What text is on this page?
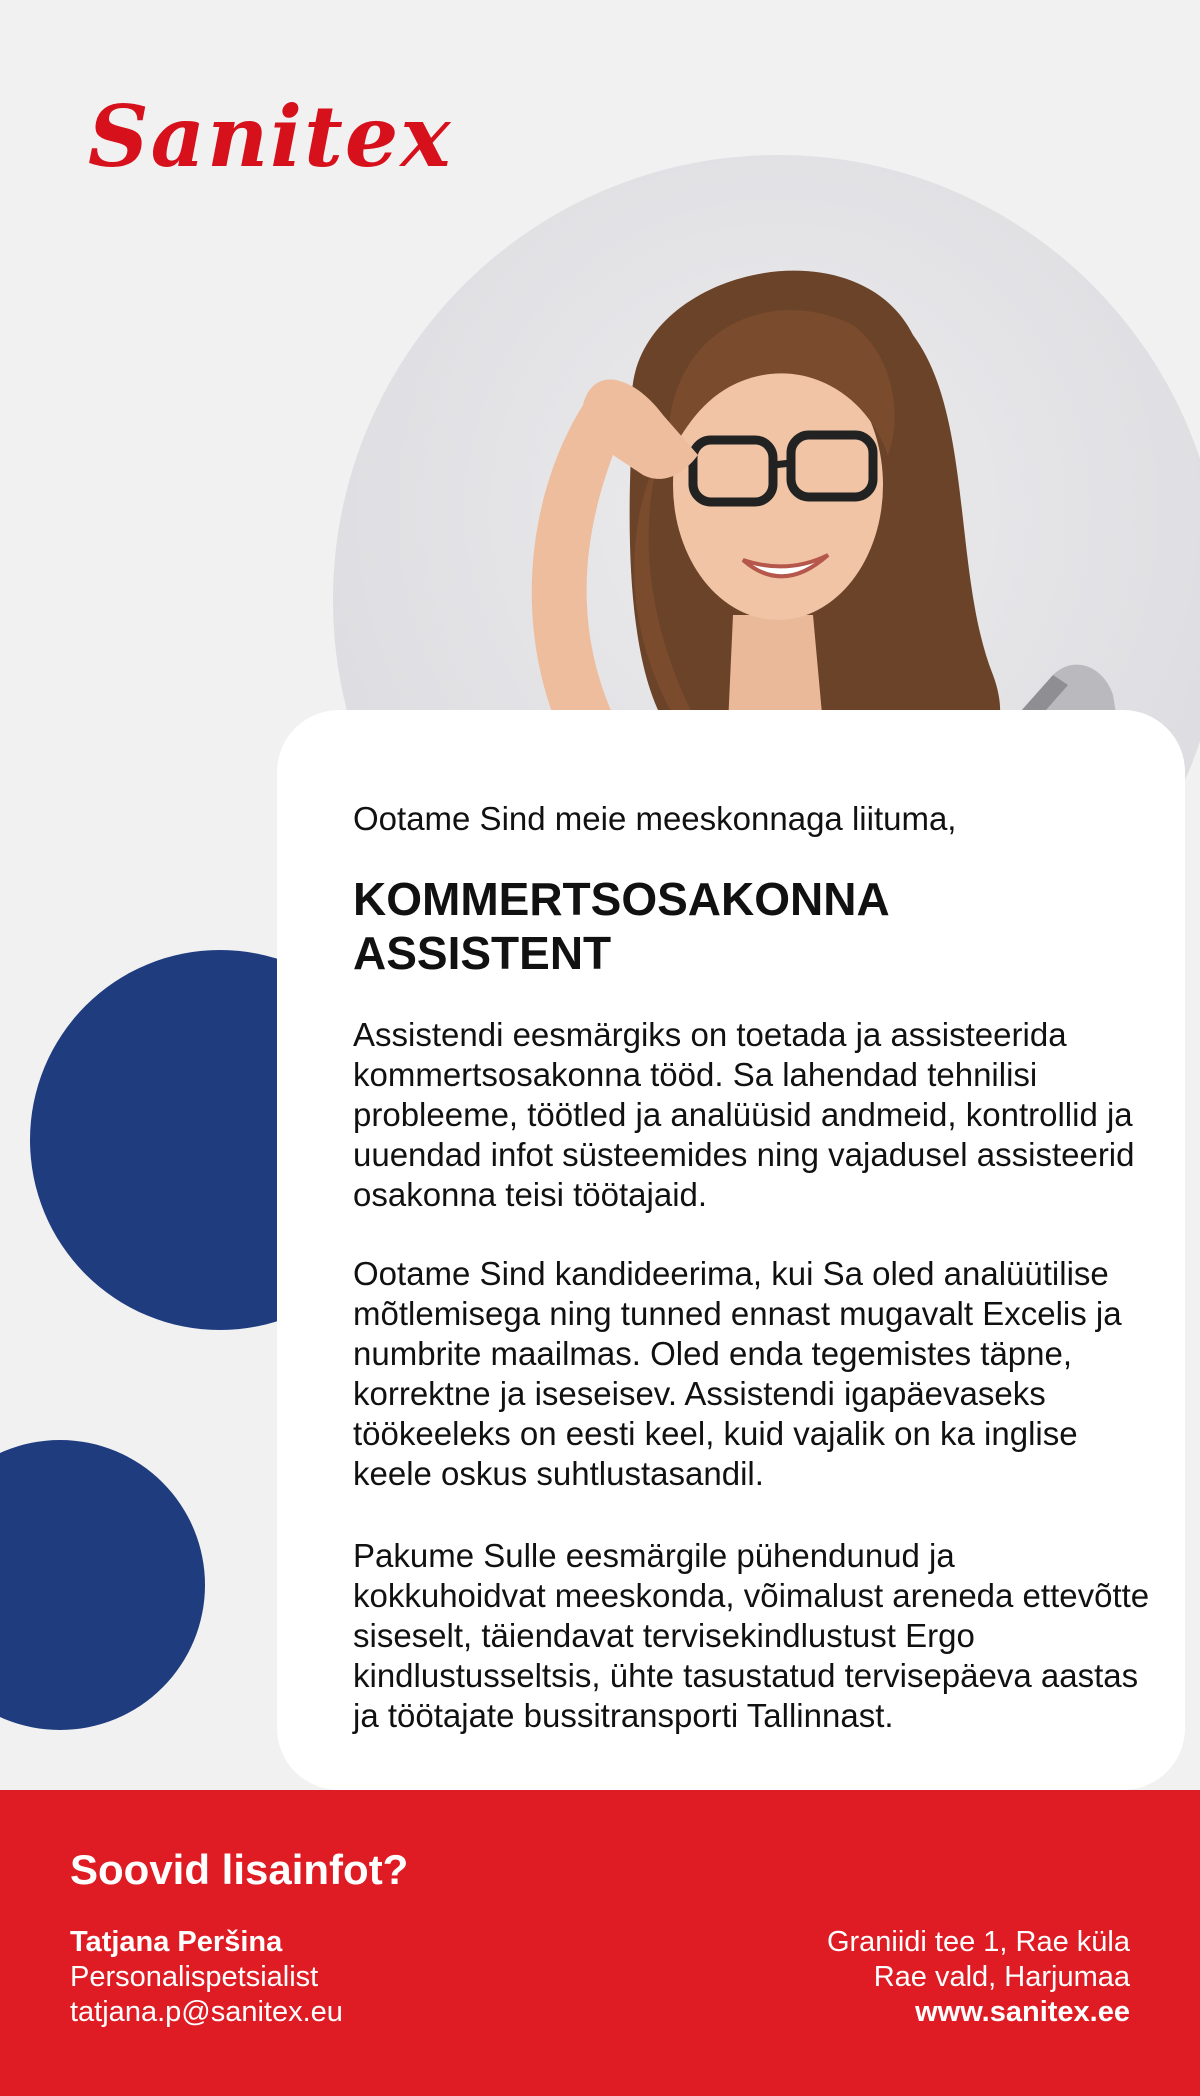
Sanitex
Ootame Sind meie meeskonnaga liituma,
KOMMERTSOSAKONNA
ASSISTENT

Assistendi eesmärgiks on toetada ja assisteerida kommertsosakonna tööd. Sa lahendad tehnilisi probleeme, töötled ja analüüsid andmeid, kontrollid ja uuendad infot süsteemides ning vajadusel assisteerid osakonna teisi töötajaid.

Ootame Sind kandideerima, kui Sa oled analüütilise mõtlemisega ning tunned ennast mugavalt Excelis ja numbrite maailmas. Oled enda tegemistes täpne, korrektne ja iseseisev. Assistendi igapäevaseks töökeeleks on eesti keel, kuid vajalik on ka inglise keele oskus suhtlustasandil.

Pakume Sulle eesmärgile pühendunud ja kokkuhoidvat meeskonda, võimalust areneda ettevõtte siseselt, täiendavat tervisekindlustust Ergo kindlustusseltsis, ühte tasustatud tervisepäeva aastas ja töötajate bussitransporti Tallinnast.

Soovid lisainfot?
Tatjana Peršina
Personalispetsialist
tatjana.p@sanitex.eu
Graniidi tee 1, Rae küla
Rae vald, Harjumaa
www.sanitex.ee
